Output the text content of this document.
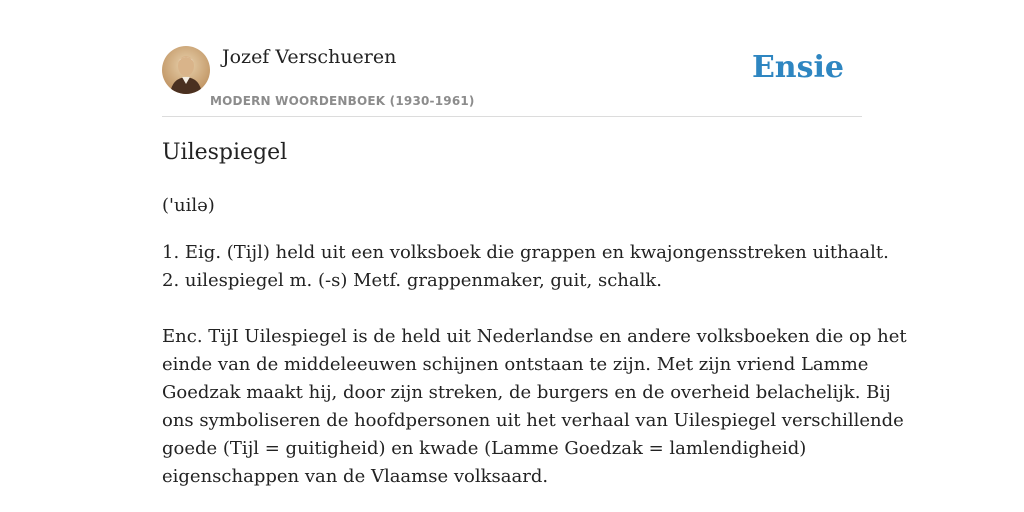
Jozef Verschueren
MODERN WOORDENBOEK (1930-1961)
Ensie
Uilespiegel
('uilə)
1. Eig. (Tijl) held uit een volksboek die grappen en kwajongensstreken uithaalt.
2. uilespiegel m. (-s) Metf. grappenmaker, guit, schalk.
Enc. TijI Uilespiegel is de held uit Nederlandse en andere volksboeken die op het
einde van de middeleeuwen schijnen ontstaan te zijn. Met zijn vriend Lamme
Goedzak maakt hij, door zijn streken, de burgers en de overheid belachelijk. Bij
ons symboliseren de hoofdpersonen uit het verhaal van Uilespiegel verschillende
goede (Tijl = guitigheid) en kwade (Lamme Goedzak = lamlendigheid)
eigenschappen van de Vlaamse volksaard.
